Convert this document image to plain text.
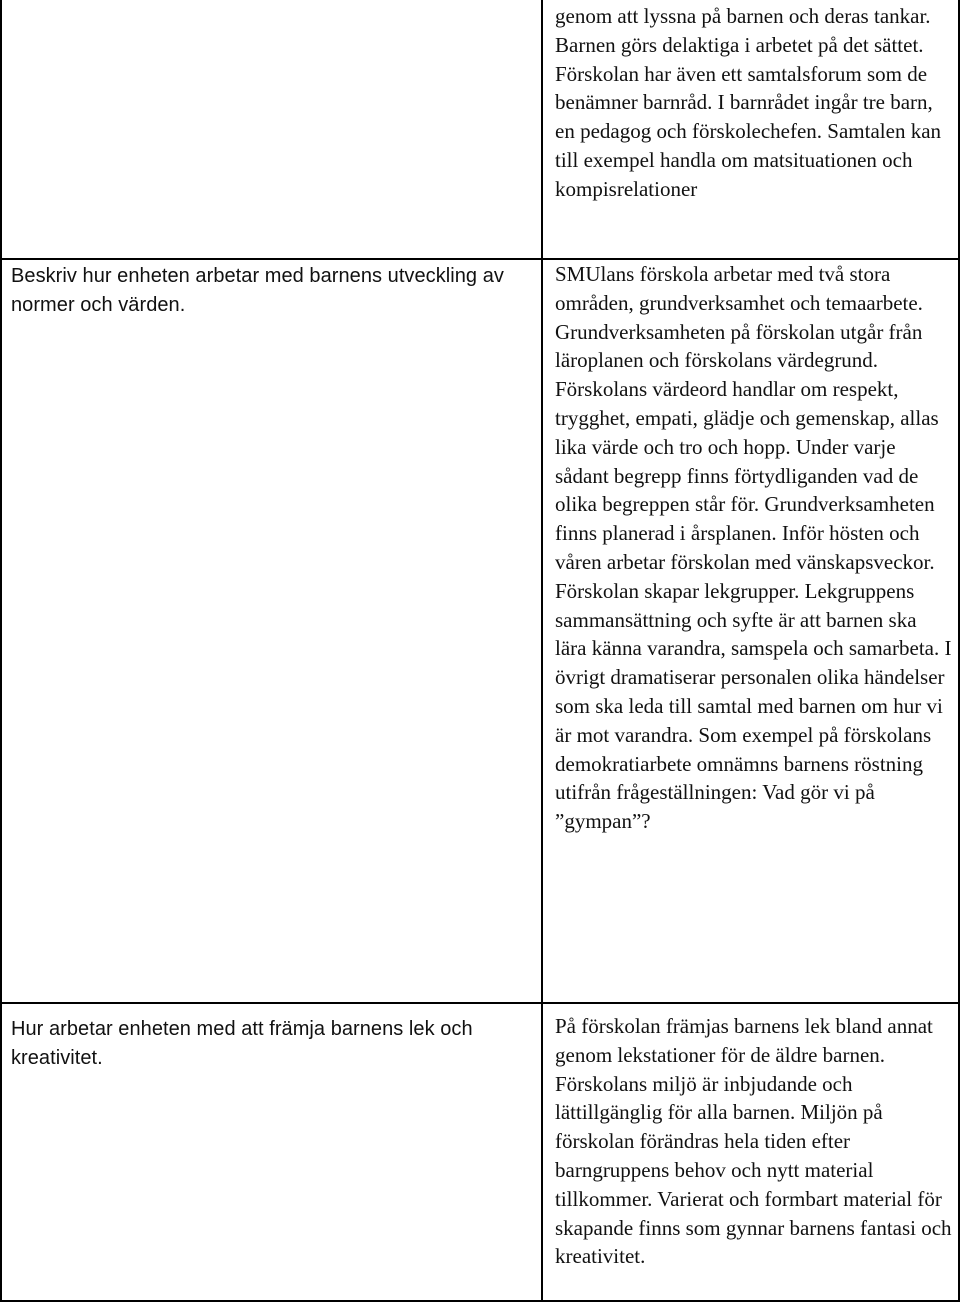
	genom att lyssna på barnen och deras tankar. Barnen görs delaktiga i arbetet på det sättet. Förskolan har även ett samtalsforum som de benämner barnråd. I barnrådet ingår tre barn, en pedagog och förskolechefen. Samtalen kan till exempel handla om matsituationen och kompisrelationer

Beskriv hur enheten arbetar med barnens utveckling av normer och värden.	SMUlans förskola arbetar med två stora områden, grundverksamhet och temaarbete. Grundverksamheten på förskolan utgår från läroplanen och förskolans värdegrund. Förskolans värdeord handlar om respekt, trygghet, empati, glädje och gemenskap, allas lika värde och tro och hopp. Under varje sådant begrepp finns förtydliganden vad de olika begreppen står för. Grundverksamheten finns planerad i årsplanen. Inför hösten och våren arbetar förskolan med vänskapsveckor. Förskolan skapar lekgrupper. Lekgruppens sammansättning och syfte är att barnen ska lära känna varandra, samspela och samarbeta. I övrigt dramatiserar personalen olika händelser som ska leda till samtal med barnen om hur vi är mot varandra. Som exempel på förskolans demokratiarbete omnämns barnens röstning utifrån frågeställningen: Vad gör vi på ”gympan”?

Hur arbetar enheten med att främja barnens lek och kreativitet.	På förskolan främjas barnens lek bland annat genom lekstationer för de äldre barnen. Förskolans miljö är inbjudande och lättillgänglig för alla barnen. Miljön på förskolan förändras hela tiden efter barngruppens behov och nytt material tillkommer. Varierat och formbart material för skapande finns som gynnar barnens fantasi och kreativitet.
